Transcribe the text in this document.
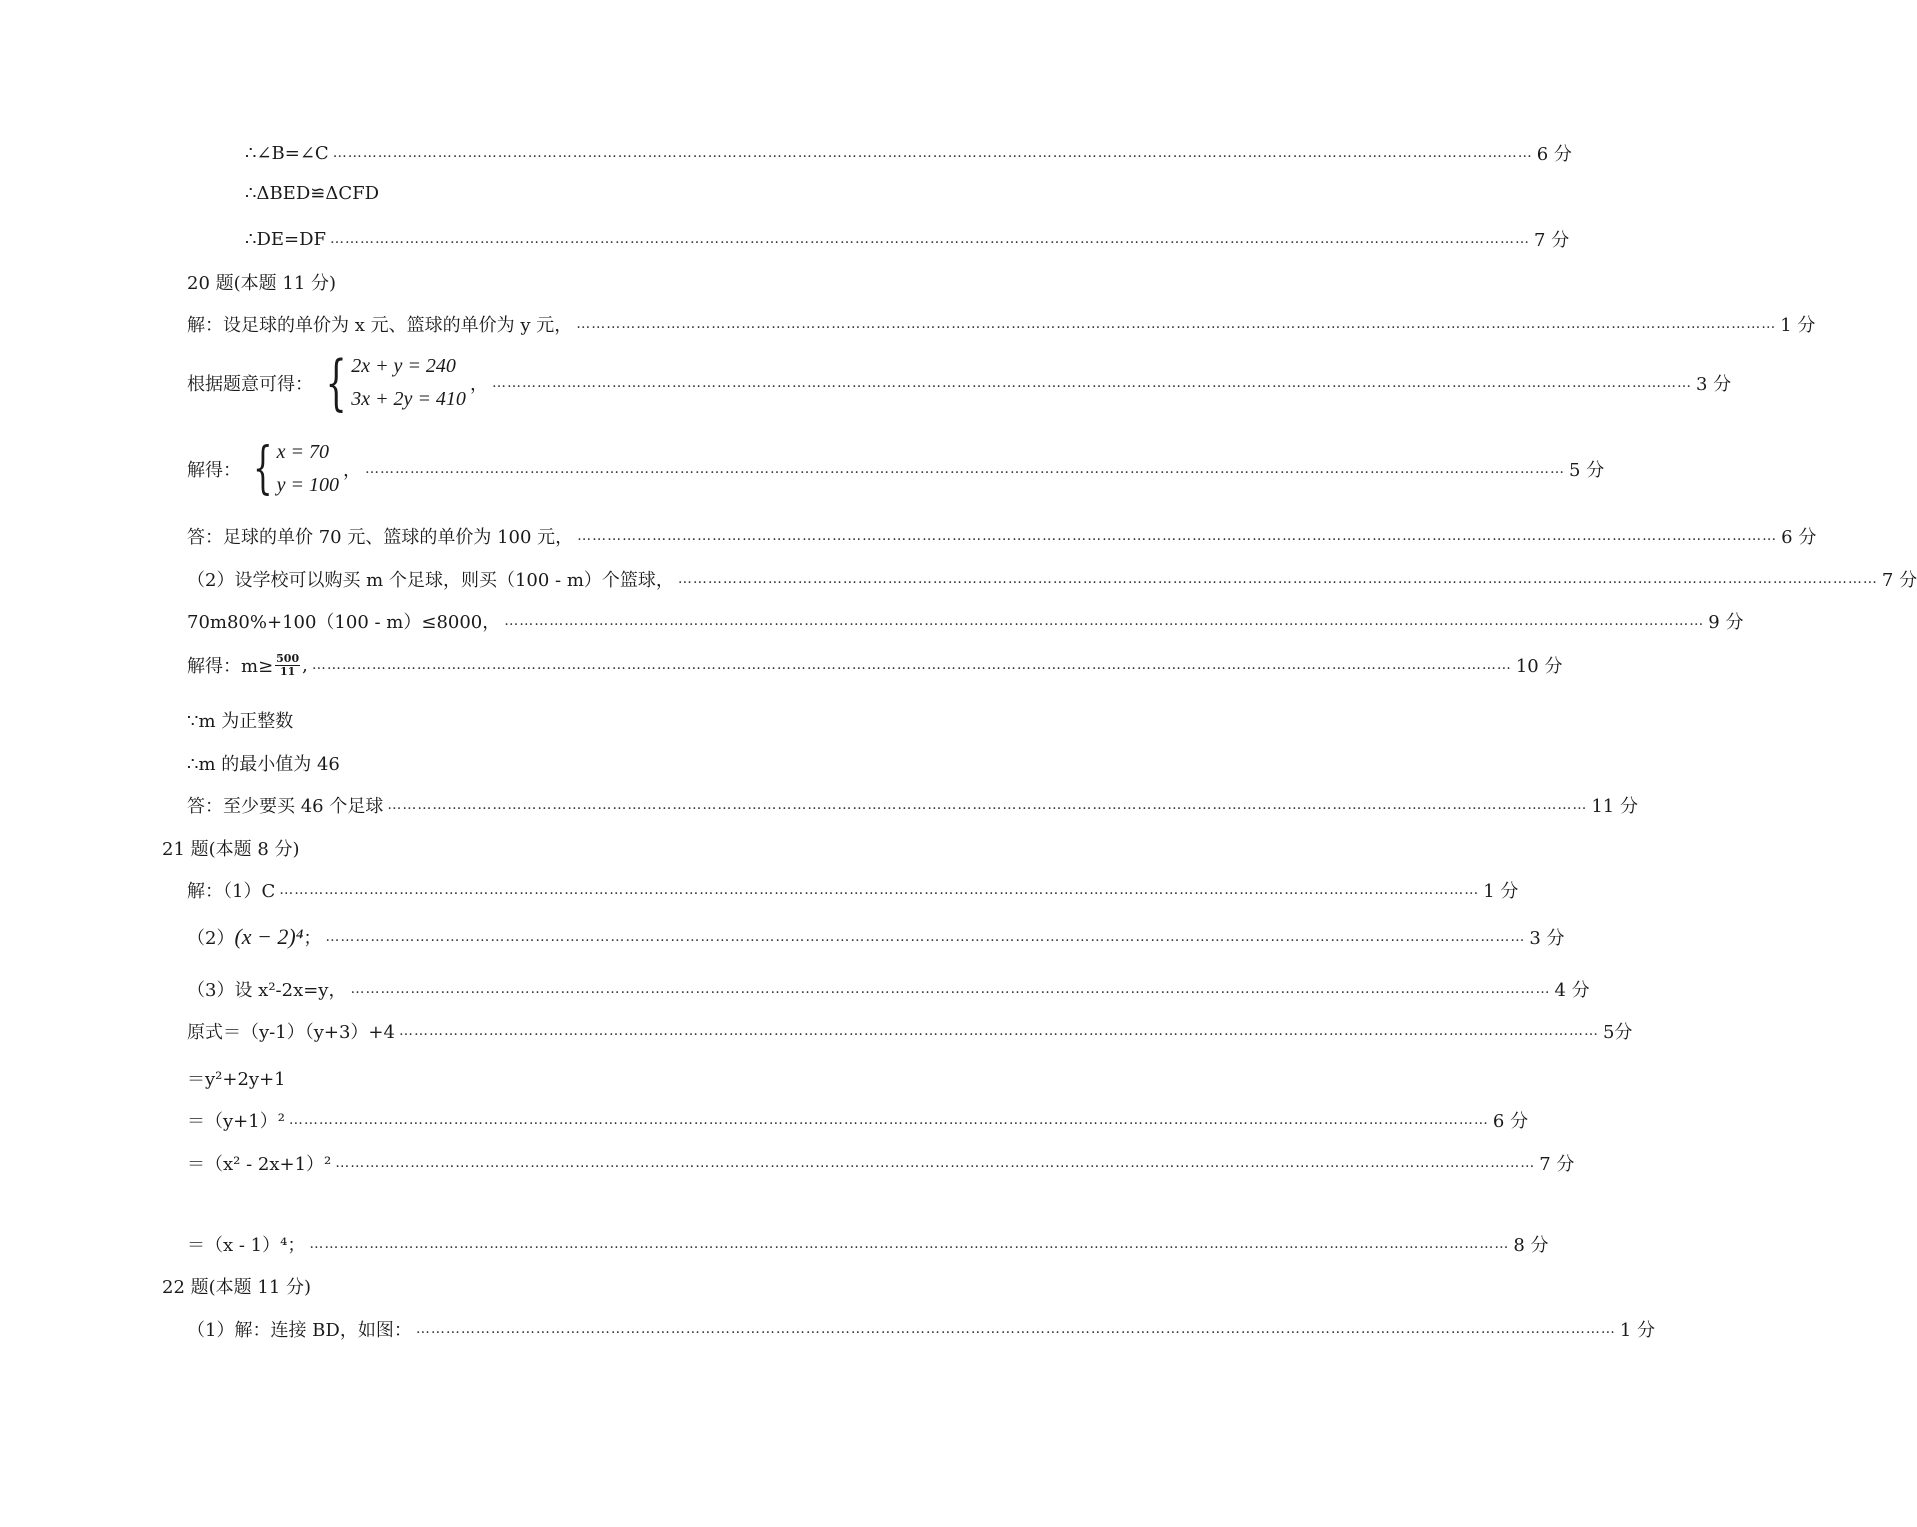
∴∠B=∠C …………………………………………………………………………………………………………………………………………………………………………………………………………………… 6 分
∴ΔBED≌ΔCFD
∴DE=DF …………………………………………………………………………………………………………………………………………………………………………………………………………………… 7 分
20 题(本题 11 分)
解：设足球的单价为 x 元、篮球的单价为 y 元， …………………………………………………………………………………………………………………………………………………………………………………………………………………… 1 分
根据题意可得： { 2x + y = 240
3x + 2y = 410
， …………………………………………………………………………………………………………………………………………………………………………………………………………………… 3 分
解得： { x = 70
y = 100
， …………………………………………………………………………………………………………………………………………………………………………………………………………………… 5 分
答：足球的单价 70 元、篮球的单价为 100 元， …………………………………………………………………………………………………………………………………………………………………………………………………………………… 6 分
（2）设学校可以购买 m 个足球，则买（100 - m）个篮球， …………………………………………………………………………………………………………………………………………………………………………………………………………………… 7 分
70m80%+100（100 - m）≤8000， …………………………………………………………………………………………………………………………………………………………………………………………………………………… 9 分
解得：$m\ge \frac{500}{11}$ , …………………………………………………………………………………………………………………………………………………………………………………………………………………… 10 分
∵m 为正整数
∴m 的最小值为 46
答：至少要买 46 个足球 …………………………………………………………………………………………………………………………………………………………………………………………………………………… 11 分
21 题(本题 8 分)
解：（1）C …………………………………………………………………………………………………………………………………………………………………………………………………………………… 1 分
（2） (x − 2)⁴ ； …………………………………………………………………………………………………………………………………………………………………………………………………………………… 3 分
（3）设 x²-2x=y， …………………………………………………………………………………………………………………………………………………………………………………………………………………… 4 分
原式＝（y-1）（y+3）+4 …………………………………………………………………………………………………………………………………………………………………………………………………………………… 5分
＝y²+2y+1
＝（y+1）² …………………………………………………………………………………………………………………………………………………………………………………………………………………… 6 分
＝（x² - 2x+1）² …………………………………………………………………………………………………………………………………………………………………………………………………………………… 7 分
＝（x - 1）⁴； …………………………………………………………………………………………………………………………………………………………………………………………………………………… 8 分
22 题(本题 11 分)
（1）解：连接 BD，如图： …………………………………………………………………………………………………………………………………………………………………………………………………………………… 1 分
